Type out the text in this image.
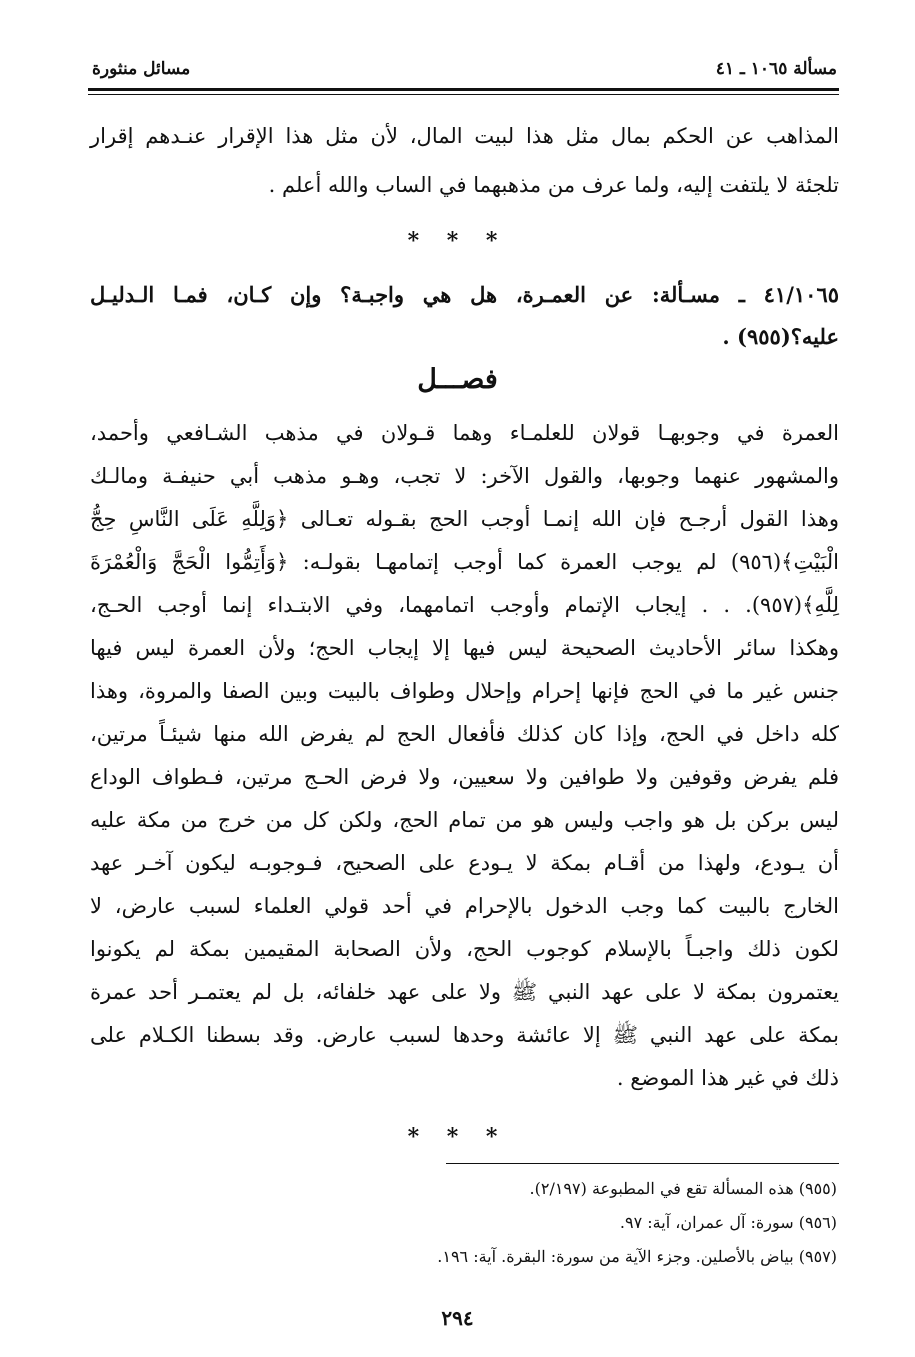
مسألة ١٠٦٥ ـ ٤١
مسائل منثورة
المذاهب عن الحكم بمال مثل هذا لبيت المال، لأن مثل هذا الإقرار عنـدهم إقرار
تلجئة لا يلتفت إليه، ولما عرف من مذهبهما في الساب والله أعلم .
* * *
٤١/١٠٦٥ ـ مسـألة: عن العمـرة، هل هي واجبـة؟ وإن كـان، فمـا الـدليـل
عليه؟(٩٥٥) .
فصـــل
العمرة في وجوبهـا قولان للعلمـاء وهما قـولان في مذهب الشـافعي وأحمد،
والمشهور عنهما وجوبها، والقول الآخر: لا تجب، وهـو مذهب أبي حنيفـة ومالـك
وهذا القول أرجـح فإن الله إنمـا أوجب الحج بقـوله تعـالى ﴿وَلِلَّهِ عَلَى النَّاسِ حِجُّ
الْبَيْتِ﴾(٩٥٦) لم يوجب العمرة كما أوجب إتمامهـا بقولـه: ﴿وَأَتِمُّوا الْحَجَّ وَالْعُمْرَةَ
لِلَّهِ﴾(٩٥٧). . . إيجاب الإتمام وأوجب اتمامهما، وفي الابتـداء إنما أوجب الحـج،
وهكذا سائر الأحاديث الصحيحة ليس فيها إلا إيجاب الحج؛ ولأن العمرة ليس فيها
جنس غير ما في الحج فإنها إحرام وإحلال وطواف بالبيت وبين الصفا والمروة، وهذا
كله داخل في الحج، وإذا كان كذلك فأفعال الحج لم يفرض الله منها شيئـاً مرتين،
فلم يفرض وقوفين ولا طوافين ولا سعيين، ولا فرض الحـج مرتين، فـطواف الوداع
ليس بركن بل هو واجب وليس هو من تمام الحج، ولكن كل من خرج من مكة عليه
أن يـودع، ولهذا من أقـام بمكة لا يـودع على الصحيح، فـوجوبـه ليكون آخـر عهد
الخارج بالبيت كما وجب الدخول بالإحرام في أحد قولي العلماء لسبب عارض، لا
لكون ذلك واجبـاً بالإسلام كوجوب الحج، ولأن الصحابة المقيمين بمكة لم يكونوا
يعتمرون بمكة لا على عهد النبي ﷺ ولا على عهد خلفائه، بل لم يعتمـر أحد عمرة
بمكة على عهد النبي ﷺ إلا عائشة وحدها لسبب عارض. وقد بسطنا الكـلام على
ذلك في غير هذا الموضع .
* * *
(٩٥٥) هذه المسألة تقع في المطبوعة (٢/١٩٧).
(٩٥٦) سورة: آل عمران، آية: ٩٧.
(٩٥٧) بياض بالأصلين. وجزء الآية من سورة: البقرة. آية: ١٩٦.
٢٩٤
